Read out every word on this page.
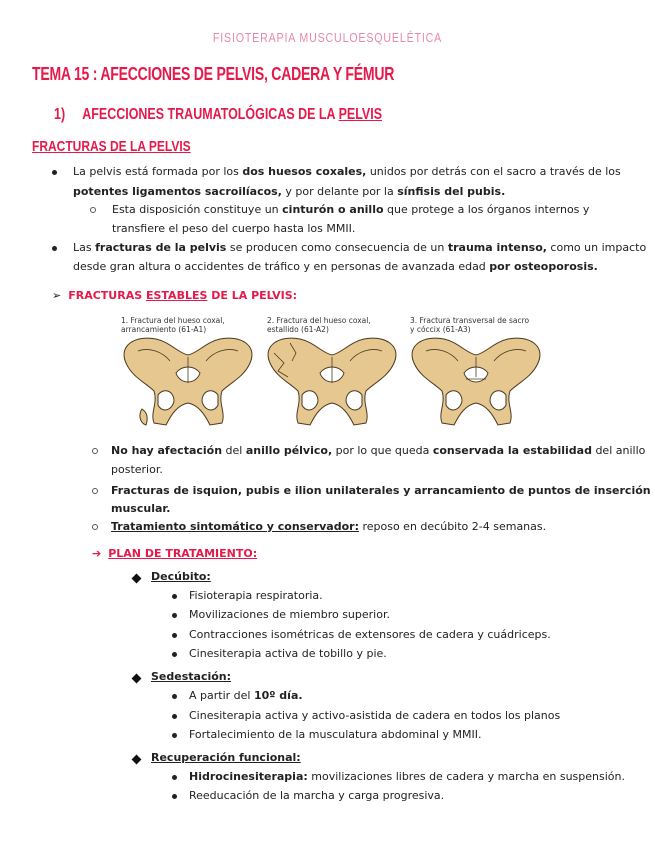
FISIOTERAPIA MUSCULOESQUELÉTICA
TEMA 15 : AFECCIONES DE PELVIS, CADERA Y FÉMUR
1) AFECCIONES TRAUMATOLÓGICAS DE LA PELVIS
FRACTURAS DE LA PELVIS
La pelvis está formada por los dos huesos coxales, unidos por detrás con el sacro a través de los
potentes ligamentos sacroilíacos, y por delante por la sínfisis del pubis.
Esta disposición constituye un cinturón o anillo que protege a los órganos internos y
transfiere el peso del cuerpo hasta los MMII.
Las fracturas de la pelvis se producen como consecuencia de un trauma intenso, como un impacto
desde gran altura o accidentes de tráfico y en personas de avanzada edad por osteoporosis.
➢ FRACTURAS ESTABLES DE LA PELVIS:
1. Fractura del hueso coxal,
arrancamiento (61-A1)
2. Fractura del hueso coxal,
estallido (61-A2)
3. Fractura transversal de sacro
y cóccix (61-A3)
No hay afectación del anillo pélvico, por lo que queda conservada la estabilidad del anillo
posterior.
Fracturas de isquion, pubis e ilion unilaterales y arrancamiento de puntos de inserción
muscular.
Tratamiento sintomático y conservador: reposo en decúbito 2-4 semanas.
➔ PLAN DE TRATAMIENTO:
Decúbito:
Fisioterapia respiratoria.
Movilizaciones de miembro superior.
Contracciones isométricas de extensores de cadera y cuádriceps.
Cinesiterapia activa de tobillo y pie.
Sedestación:
A partir del 10º día.
Cinesiterapia activa y activo-asistida de cadera en todos los planos
Fortalecimiento de la musculatura abdominal y MMII.
Recuperación funcional:
Hidrocinesiterapia: movilizaciones libres de cadera y marcha en suspensión.
Reeducación de la marcha y carga progresiva.
